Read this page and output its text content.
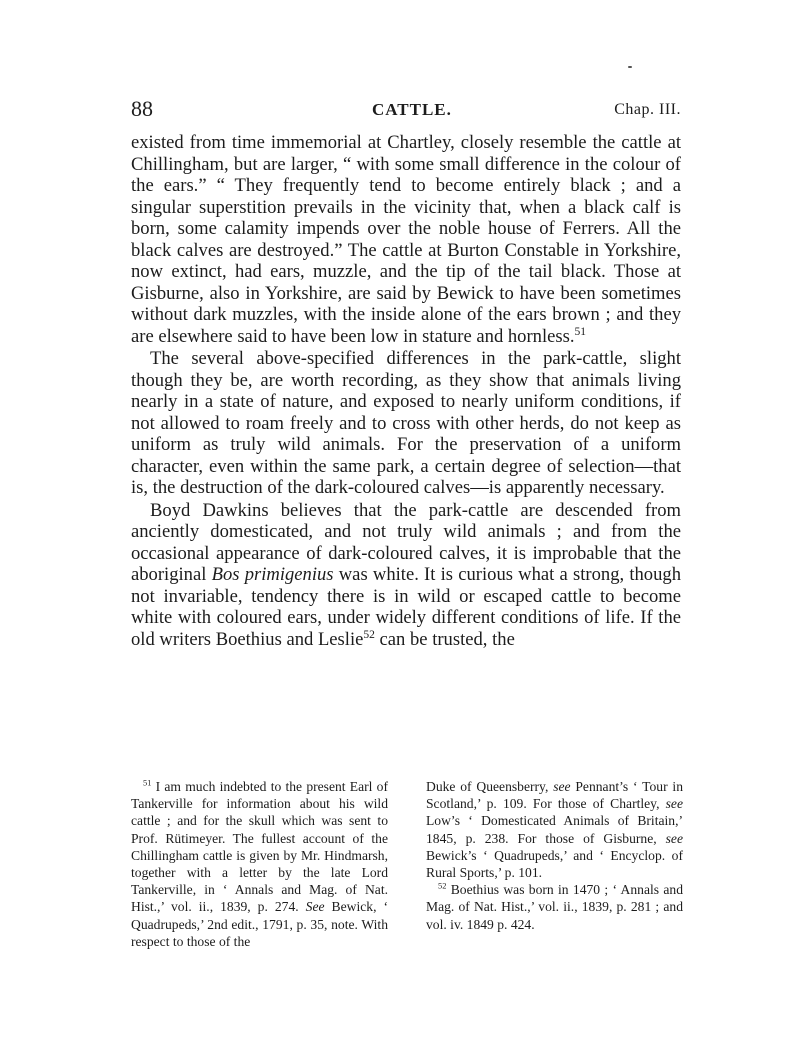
88	CATTLE.	Chap. III.

existed from time immemorial at Chartley, closely resemble the cattle at Chillingham, but are larger, “ with some small difference in the colour of the ears.” “ They frequently tend to become entirely black ; and a singular superstition prevails in the vicinity that, when a black calf is born, some calamity impends over the noble house of Ferrers. All the black calves are destroyed.” The cattle at Burton Constable in Yorkshire, now extinct, had ears, muzzle, and the tip of the tail black. Those at Gisburne, also in Yorkshire, are said by Bewick to have been sometimes without dark muzzles, with the inside alone of the ears brown ; and they are elsewhere said to have been low in stature and hornless.$^{51}$

The several above-specified differences in the park-cattle, slight though they be, are worth recording, as they show that animals living nearly in a state of nature, and exposed to nearly uniform conditions, if not allowed to roam freely and to cross with other herds, do not keep as uniform as truly wild animals. For the preservation of a uniform character, even within the same park, a certain degree of selection—that is, the destruction of the dark-coloured calves—is apparently necessary.

Boyd Dawkins believes that the park-cattle are descended from anciently domesticated, and not truly wild animals ; and from the occasional appearance of dark-coloured calves, it is improbable that the aboriginal Bos primigenius was white. It is curious what a strong, though not invariable, tendency there is in wild or escaped cattle to become white with coloured ears, under widely different conditions of life. If the old writers Boethius and Leslie$^{52}$ can be trusted, the

$^{51}$ I am much indebted to the present Earl of Tankerville for information about his wild cattle ; and for the skull which was sent to Prof. Rütimeyer. The fullest account of the Chillingham cattle is given by Mr. Hindmarsh, together with a letter by the late Lord Tankerville, in ‘ Annals and Mag. of Nat. Hist.,’ vol. ii., 1839, p. 274. See Bewick, ‘ Quadrupeds,’ 2nd edit., 1791, p. 35, note. With respect to those of the

Duke of Queensberry, see Pennant’s ‘ Tour in Scotland,’ p. 109. For those of Chartley, see Low’s ‘ Domesticated Animals of Britain,’ 1845, p. 238. For those of Gisburne, see Bewick’s ‘ Quadrupeds,’ and ‘ Encyclop. of Rural Sports,’ p. 101.

$^{52}$ Boethius was born in 1470 ; ‘ Annals and Mag. of Nat. Hist.,’ vol. ii., 1839, p. 281 ; and vol. iv. 1849 p. 424.
